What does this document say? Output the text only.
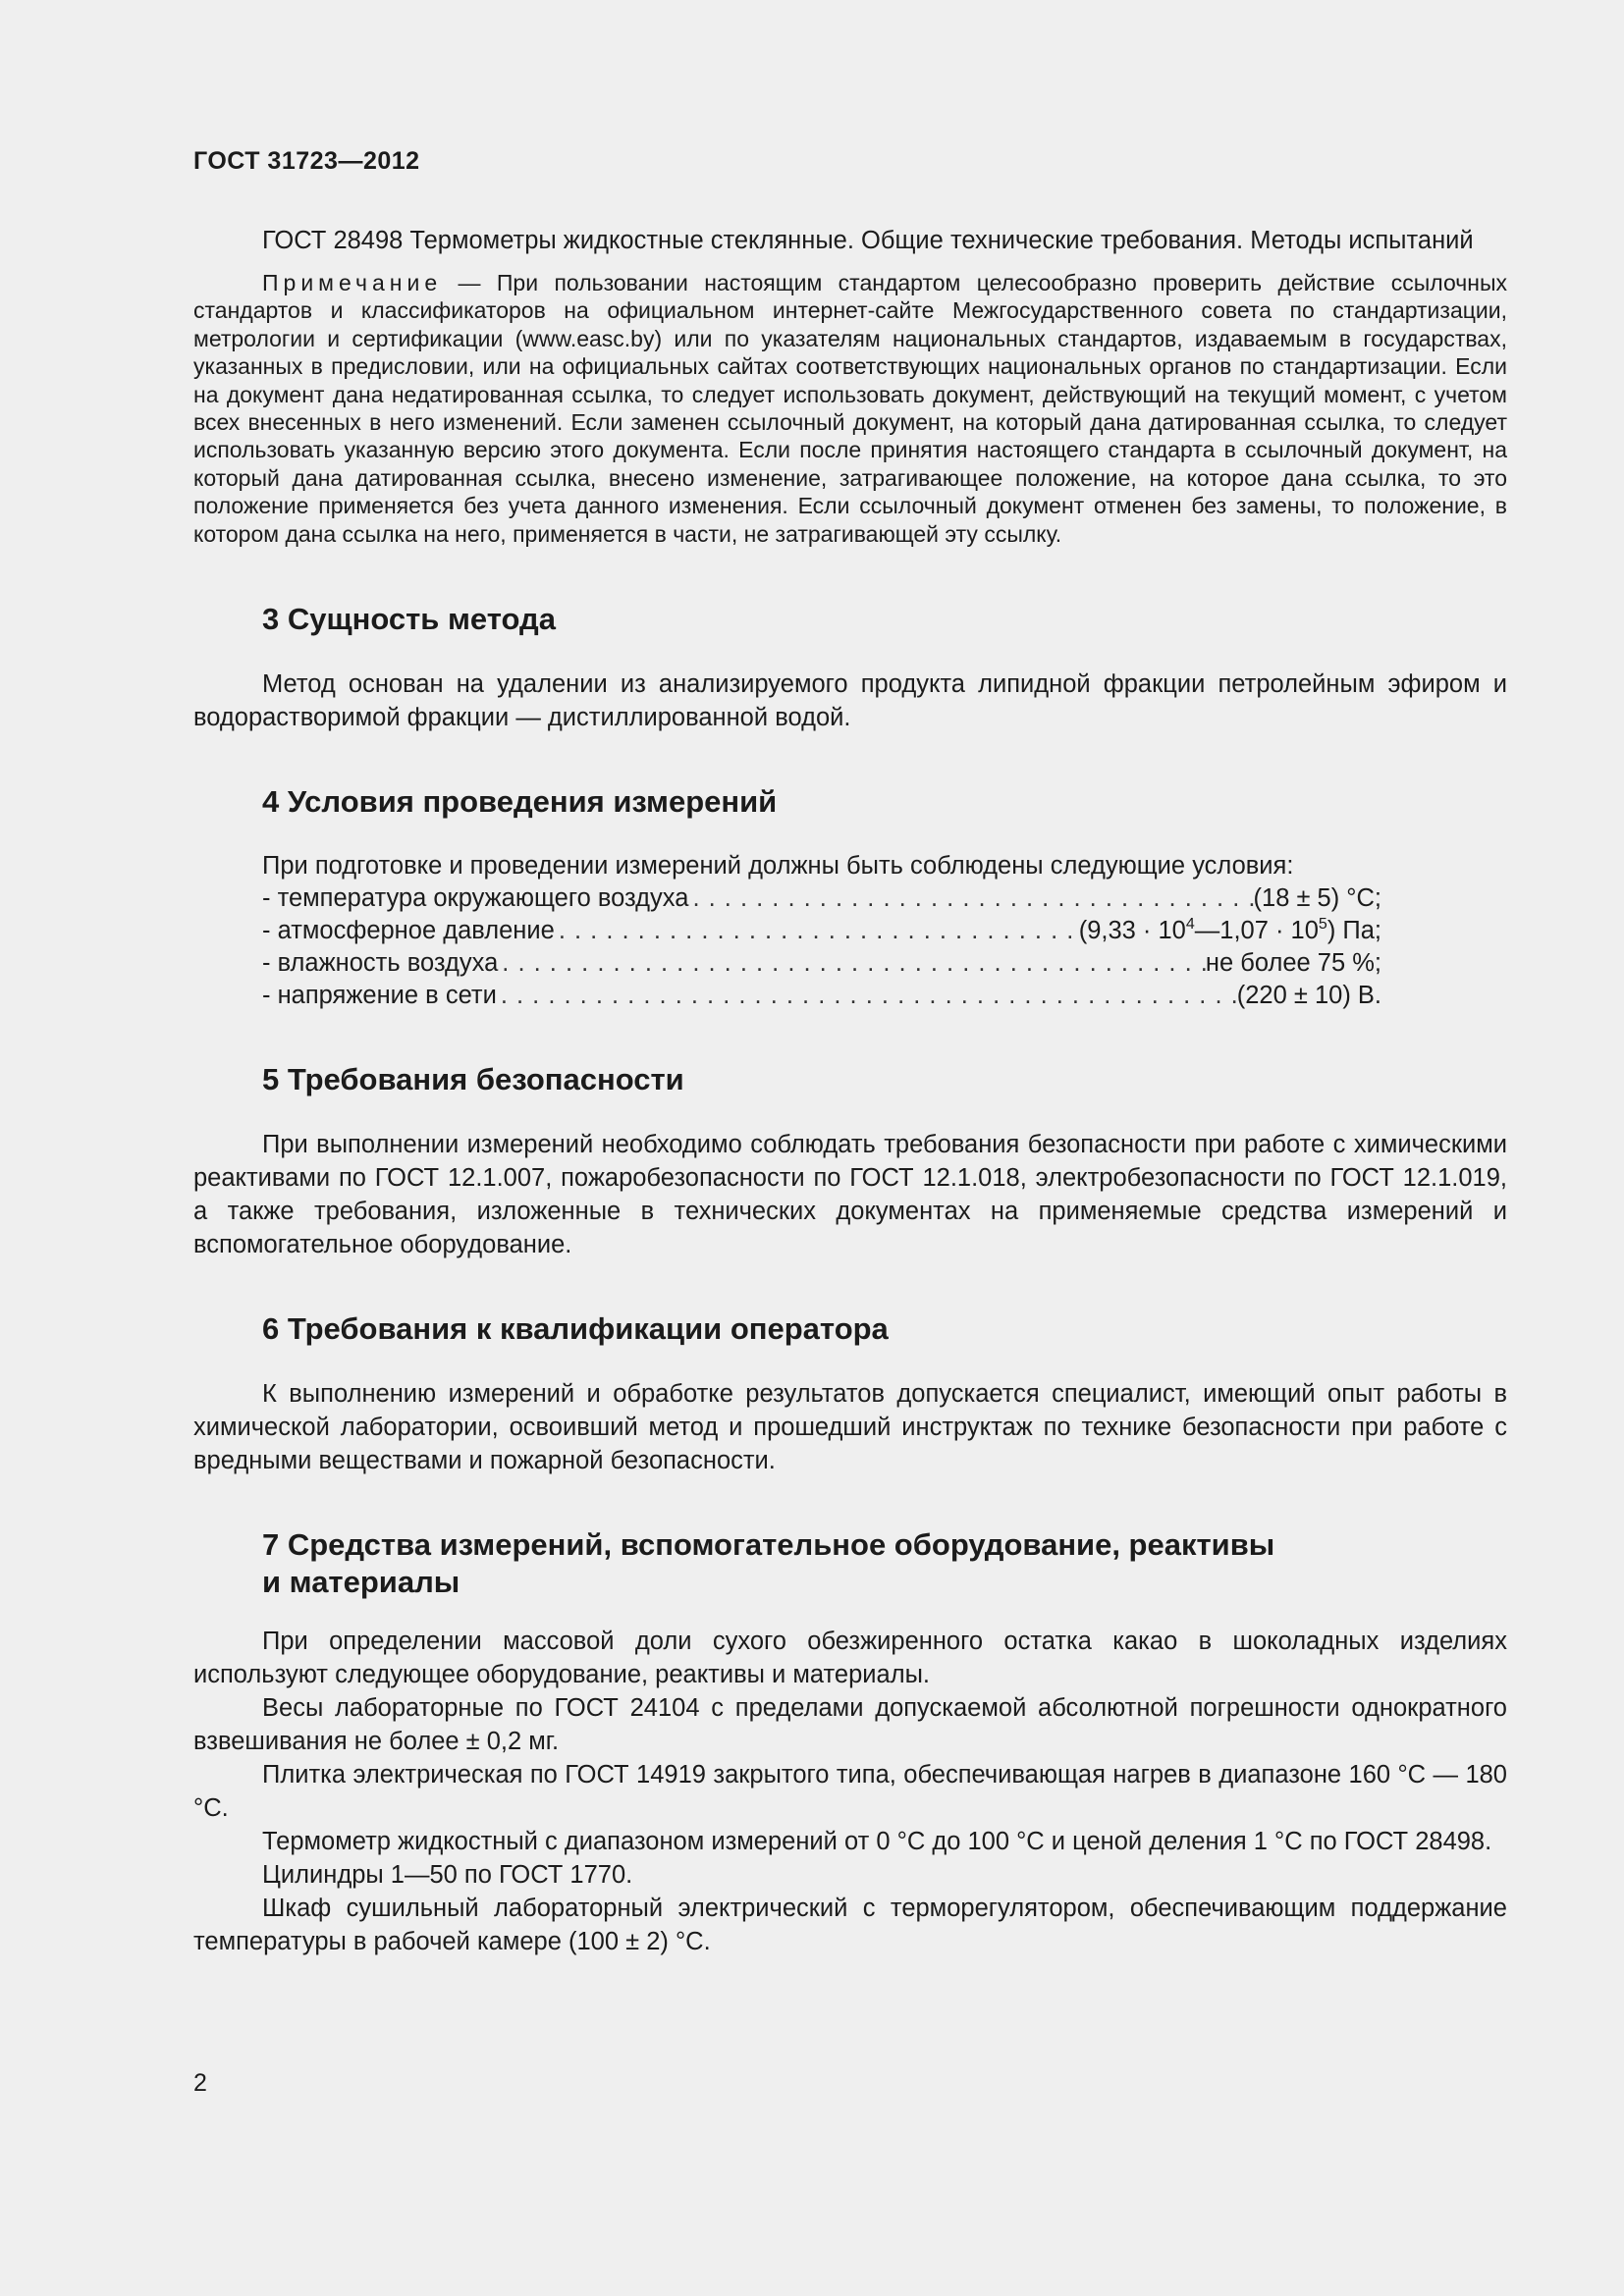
ГОСТ 31723—2012

ГОСТ 28498 Термометры жидкостные стеклянные. Общие технические требования. Методы испытаний

Примечание — При пользовании настоящим стандартом целесообразно проверить действие ссылочных стандартов и классификаторов на официальном интернет-сайте Межгосударственного совета по стандартизации, метрологии и сертификации (www.easc.by) или по указателям национальных стандартов, издаваемым в государствах, указанных в предисловии, или на официальных сайтах соответствующих национальных органов по стандартизации. Если на документ дана недатированная ссылка, то следует использовать документ, действующий на текущий момент, с учетом всех внесенных в него изменений. Если заменен ссылочный документ, на который дана датированная ссылка, то следует использовать указанную версию этого документа. Если после принятия настоящего стандарта в ссылочный документ, на который дана датированная ссылка, внесено изменение, затрагивающее положение, на которое дана ссылка, то это положение применяется без учета данного изменения. Если ссылочный документ отменен без замены, то положение, в котором дана ссылка на него, применяется в части, не затрагивающей эту ссылку.

3 Сущность метода

Метод основан на удалении из анализируемого продукта липидной фракции петролейным эфиром и водорастворимой фракции — дистиллированной водой.

4 Условия проведения измерений

При подготовке и проведении измерений должны быть соблюдены следующие условия:

- температура окружающего воздуха . . .	(18 ± 5) °C;
- атмосферное давление . . .	$(9,33 \cdot 10^4—1,07 \cdot 10^5)$ Па;
- влажность воздуха . . .	не более 75 %;
- напряжение в сети . . .	(220 ± 10) В.
5 Требования безопасности

При выполнении измерений необходимо соблюдать требования безопасности при работе с химическими реактивами по ГОСТ 12.1.007, пожаробезопасности по ГОСТ 12.1.018, электробезопасности по ГОСТ 12.1.019, а также требования, изложенные в технических документах на применяемые средства измерений и вспомогательное оборудование.

6 Требования к квалификации оператора

К выполнению измерений и обработке результатов допускается специалист, имеющий опыт работы в химической лаборатории, освоивший метод и прошедший инструктаж по технике безопасности при работе с вредными веществами и пожарной безопасности.

7 Средства измерений, вспомогательное оборудование, реактивы
и материалы

При определении массовой доли сухого обезжиренного остатка какао в шоколадных изделиях используют следующее оборудование, реактивы и материалы.

Весы лабораторные по ГОСТ 24104 с пределами допускаемой абсолютной погрешности однократного взвешивания не более ± 0,2 мг.

Плитка электрическая по ГОСТ 14919 закрытого типа, обеспечивающая нагрев в диапазоне 160 °C — 180 °C.

Термометр жидкостный с диапазоном измерений от 0 °C до 100 °C и ценой деления 1 °C по ГОСТ 28498.

Цилиндры 1—50 по ГОСТ 1770.

Шкаф сушильный лабораторный электрический с терморегулятором, обеспечивающим поддержание температуры в рабочей камере (100 ± 2) °C.

2
